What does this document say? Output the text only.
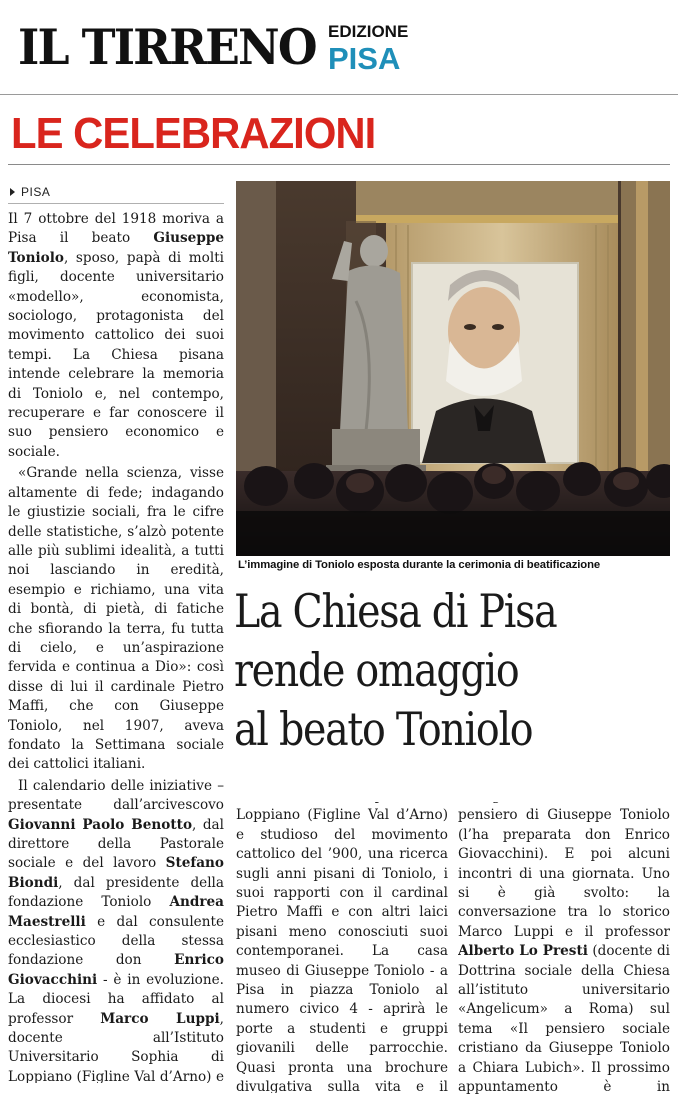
IL TIRRENO EDIZIONE
PISA
LE CELEBRAZIONI
PISA
L’immagine di Toniolo esposta durante la cerimonia di beatificazione
La Chiesa di Pisa
rende omaggio
al beato Toniolo

Il 7 ottobre del 1918 moriva a Pisa il beato Giuseppe Toniolo, sposo, papà di molti figli, docente universitario «modello», economista, sociologo, protagonista del movimento cattolico dei suoi tempi. La Chiesa pisana intende celebrare la memoria di Toniolo e, nel contempo, recuperare e far conoscere il suo pensiero economico e sociale.

«Grande nella scienza, visse altamente di fede; indagando le giustizie sociali, fra le cifre delle statistiche, s’alzò potente alle più sublimi idealità, a tutti noi lasciando in eredità, esempio e richiamo, una vita di bontà, di pietà, di fatiche che sfiorando la terra, fu tutta di cielo, e un’aspirazione fervida e continua a Dio»: così disse di lui il cardinale Pietro Maffi, che con Giuseppe Toniolo, nel 1907, aveva fondato la Settimana sociale dei cattolici italiani.

Il calendario delle iniziative – presentate dall’arcivescovo Giovanni Paolo Benotto, dal direttore della Pastorale sociale e del lavoro Stefano Biondi, dal presidente della fondazione Toniolo Andrea Maestrelli e dal consulente ecclesiastico della stessa fondazione don Enrico Giovacchini - è in evoluzione. La diocesi ha affidato al professor Marco Luppi, docente all’Istituto Universitario Sophia di Loppiano (Figline Val d’Arno) e

Loppiano (Figline Val d’Arno) e studioso del movimento cattolico del ’900, una ricerca sugli anni pisani di Toniolo, i suoi rapporti con il cardinal Pietro Maffi e con altri laici pisani meno conosciuti suoi contemporanei. La casa museo di Giuseppe Toniolo - a Pisa in piazza Toniolo al numero civico 4 - aprirà le porte a studenti e gruppi giovanili delle parrocchie. Quasi pronta una brochure divulgativa sulla vita e il

pensiero di Giuseppe Toniolo (l’ha preparata don Enrico Giovacchini). E poi alcuni incontri di una giornata. Uno si è già svolto: la conversazione tra lo storico Marco Luppi e il professor Alberto Lo Presti (docente di Dottrina sociale della Chiesa all’istituto universitario «Angelicum» a Roma) sul tema «Il pensiero sociale cristiano da Giuseppe Toniolo a Chiara Lubich». Il prossimo appuntamento è in
